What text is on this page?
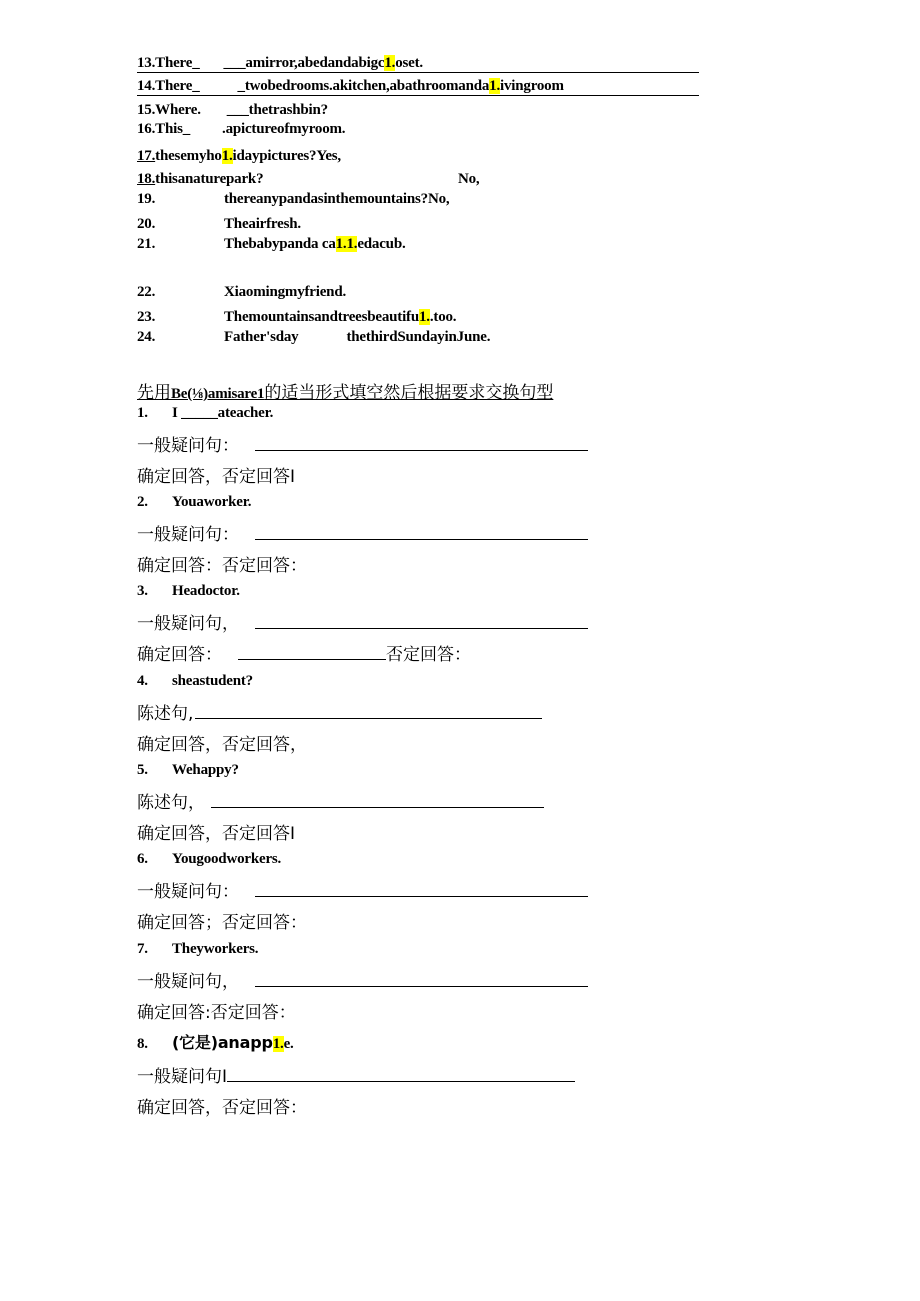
13.There_ ___amirror,abedandabigc1.oset.
14.There_	_twobedrooms.akitchen,abathroomanda1.ivingroom
15.Where. ___thetrashbin?
16.This_ .apictureofmyroom.
17.thesemyho1.idaypictures?Yes,
18.thisanaturepark?	No,
19.	thereanypandasinthemountains?No,
20.	Theairfresh.
21.	Thebabypanda ca1.1.edacub.
22.	Xiaomingmyfriend.
23.	Themountainsandtreesbeautifu1..too.
24.	Father'sday	thethirdSundayinJune.
先用Be(⅛)amisare1的适当形式填空然后根据要求交换句型
1. I _____ateacher.
一般疑问句：
确定回答，否定回答I
2. Youaworker.
一般疑问句：
确定回答：否定回答：
3. Headoctor.
一般疑问句，
确定回答：	否定回答：
4. sheastudent?
陈述句,
确定回答，否定回答，
5. Wehappy?
陈述句，
确定回答，否定回答I
6. Yougoodworkers.
一般疑问句：
确定回答；否定回答：
7. Theyworkers.
一般疑问句，
确定回答:否定回答：
8. (它是)anapp1.e.
一般疑问句I
确定回答，否定回答：
